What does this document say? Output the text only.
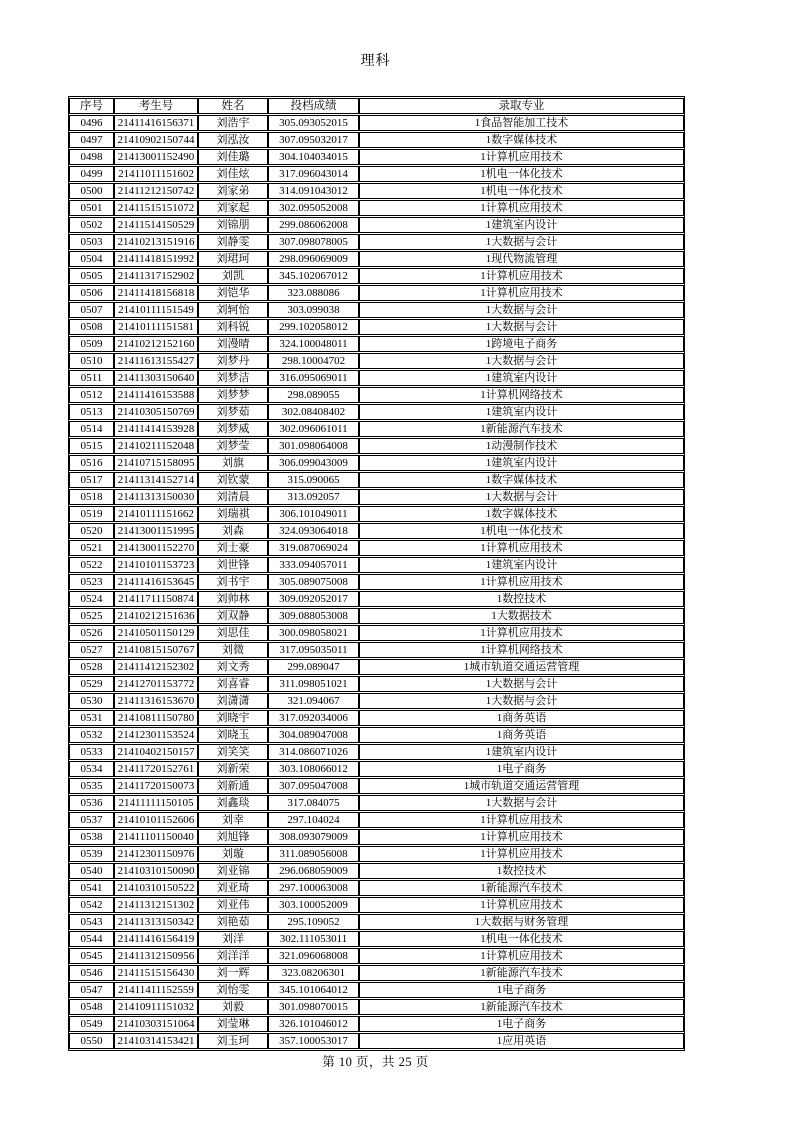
理科
序号	考生号	姓名	投档成绩	录取专业
0496	21411416156371	刘浩宇	305.093052015	1食品智能加工技术
0497	21410902150744	刘泓汝	307.095032017	1数字媒体技术
0498	21413001152490	刘佳璐	304.104034015	1计算机应用技术
0499	21411011151602	刘佳炫	317.096043014	1机电一体化技术
0500	21411212150742	刘家弟	314.091043012	1机电一体化技术
0501	21411515151072	刘家起	302.095052008	1计算机应用技术
0502	21411514150529	刘锦朋	299.086062008	1建筑室内设计
0503	21410213151916	刘静雯	307.098078005	1大数据与会计
0504	21411418151992	刘珺珂	298.096069009	1现代物流管理
0505	21411317152902	刘凯	345.102067012	1计算机应用技术
0506	21411418156818	刘铠华	323.088086	1计算机应用技术
0507	21410111151549	刘轲怡	303.099038	1大数据与会计
0508	21410111151581	刘科锐	299.102058012	1大数据与会计
0509	21410212152160	刘漫晴	324.100048011	1跨境电子商务
0510	21411613155427	刘梦丹	298.10004702	1大数据与会计
0511	21411303150640	刘梦洁	316.095069011	1建筑室内设计
0512	21411416153588	刘梦梦	298.089055	1计算机网络技术
0513	21410305150769	刘梦茹	302.08408402	1建筑室内设计
0514	21411414153928	刘梦威	302.096061011	1新能源汽车技术
0515	21410211152048	刘梦莹	301.098064008	1动漫制作技术
0516	21410715158095	刘旗	306.099043009	1建筑室内设计
0517	21411314152714	刘钦蒙	315.090065	1数字媒体技术
0518	21411313150030	刘清晨	313.092057	1大数据与会计
0519	21410111151662	刘瑞祺	306.101049011	1数字媒体技术
0520	21413001151995	刘森	324.093064018	1机电一体化技术
0521	21413001152270	刘士豪	319.087069024	1计算机应用技术
0522	21410101153723	刘世锋	333.094057011	1建筑室内设计
0523	21411416153645	刘书宇	305.089075008	1计算机应用技术
0524	21411711150874	刘帅林	309.092052017	1数控技术
0525	21410212151636	刘双静	309.088053008	1大数据技术
0526	21410501150129	刘思佳	300.098058021	1计算机应用技术
0527	21410815150767	刘微	317.095035011	1计算机网络技术
0528	21411412152302	刘文秀	299.089047	1城市轨道交通运营管理
0529	21412701153772	刘喜睿	311.098051021	1大数据与会计
0530	21411316153670	刘潇潇	321.094067	1大数据与会计
0531	21410811150780	刘晓宇	317.092034006	1商务英语
0532	21412301153524	刘晓玉	304.089047008	1商务英语
0533	21410402150157	刘笑笑	314.086071026	1建筑室内设计
0534	21411720152761	刘新荣	303.108066012	1电子商务
0535	21411720150073	刘新通	307.095047008	1城市轨道交通运营管理
0536	21411111150105	刘鑫琰	317.084075	1大数据与会计
0537	21410101152606	刘幸	297.104024	1计算机应用技术
0538	21411101150040	刘旭锋	308.093079009	1计算机应用技术
0539	21412301150976	刘璇	311.089056008	1计算机应用技术
0540	21410310150090	刘亚锦	296.068059009	1数控技术
0541	21410310150522	刘亚琦	297.100063008	1新能源汽车技术
0542	21411312151302	刘亚伟	303.100052009	1计算机应用技术
0543	21411313150342	刘艳茹	295.109052	1大数据与财务管理
0544	21411416156419	刘洋	302.111053011	1机电一体化技术
0545	21411312150956	刘洋洋	321.096068008	1计算机应用技术
0546	21411515156430	刘一辉	323.08206301	1新能源汽车技术
0547	21411411152559	刘怡雯	345.101064012	1电子商务
0548	21410911151032	刘毅	301.098070015	1新能源汽车技术
0549	21410303151064	刘莹琳	326.101046012	1电子商务
0550	21410314153421	刘玉珂	357.100053017	1应用英语
第 10 页，共 25 页
